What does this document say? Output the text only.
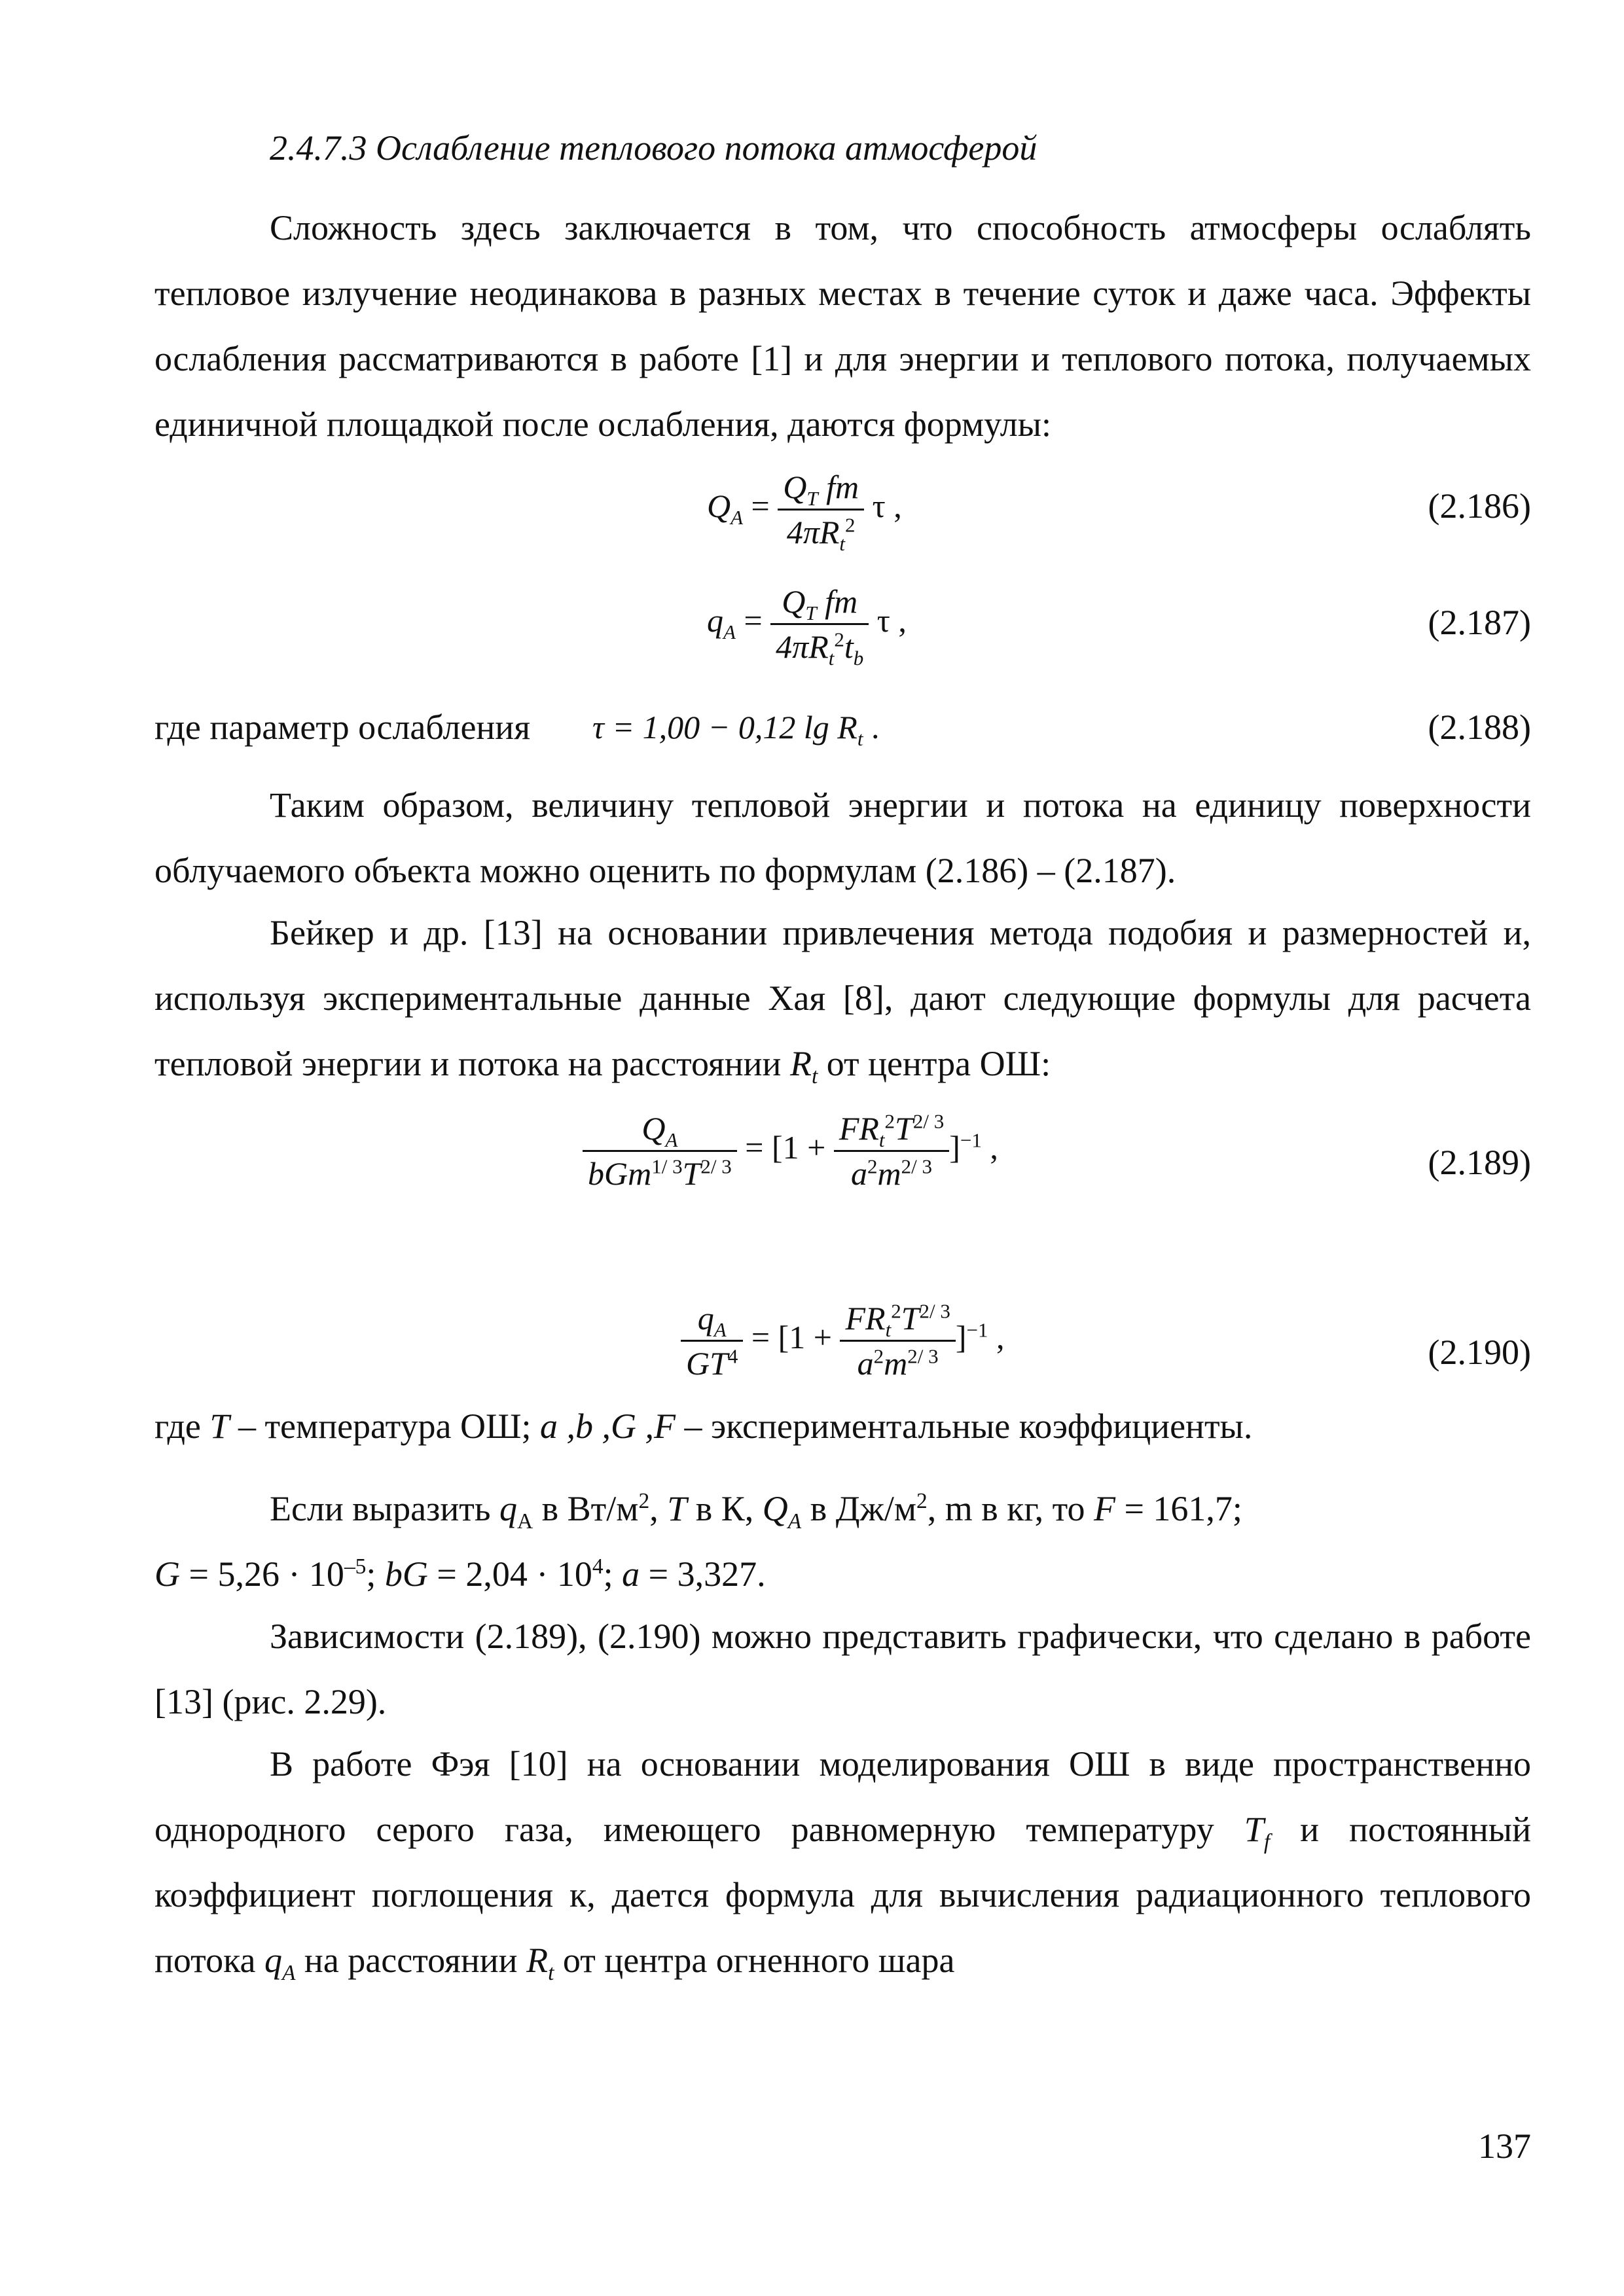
2.4.7.3 Ослабление теплового потока атмосферой
Сложность здесь заключается в том, что способность атмосферы ослаблять тепловое излучение неодинакова в разных местах в течение суток и даже часа. Эффекты ослабления рассматриваются в работе [1] и для энергии и теплового потока, получаемых единичной площадкой после ослабления, даются формулы:
$Q_A = \frac{Q_T fm}{4\pi R_t^2}$ τ ,	(2.186)
$q_A = \frac{Q_T fm}{4\pi R_t^2t_b}$ τ ,	(2.187)
где параметр ослабления τ = 1,00 − 0,12 $\lg R_t$ .	(2.188)
Таким образом, величину тепловой энергии и потока на единицу поверхности облучаемого объекта можно оценить по формулам (2.186) – (2.187).
Бейкер и др. [13] на основании привлечения метода подобия и размерностей и, используя экспериментальные данные Хая [8], дают следующие формулы для расчета тепловой энергии и потока на расстоянии $R_t$ от центра ОШ:
$\frac{Q_A}{bGm^{1/ 3}T^{2/ 3}} = [1 + \frac{FR_t^2T^{2/ 3}}{a^2m^{2/ 3}} ]^{-1}$ ,	(2.189)
$\frac{q_A}{GT^4} = [1 + \frac{FR_t^2T^{2/ 3}}{a^2m^{2/ 3}} ]^{-1}$ ,	(2.190)
где T – температура ОШ; a ,b ,G ,F – экспериментальные коэффициенты.
Если выразить $q_A$ в $Вт/м^2$, T в К, $Q_A$ в $Дж/м^2$, m в кг, то F = 161,7;
$G = 5,26 \cdot 10^{-5}$; bG = $2,04 \cdot 10^4$; a = 3,327.
Зависимости (2.189), (2.190) можно представить графически, что сделано в работе [13] (рис. 2.29).
В работе Фэя [10] на основании моделирования ОШ в виде пространственно однородного серого газа, имеющего равномерную температуру $T_f$ и постоянный коэффициент поглощения к, дается формула для вычисления радиационного теплового потока $q_A$ на расстоянии $R_t$ от центра огненного шара
137
